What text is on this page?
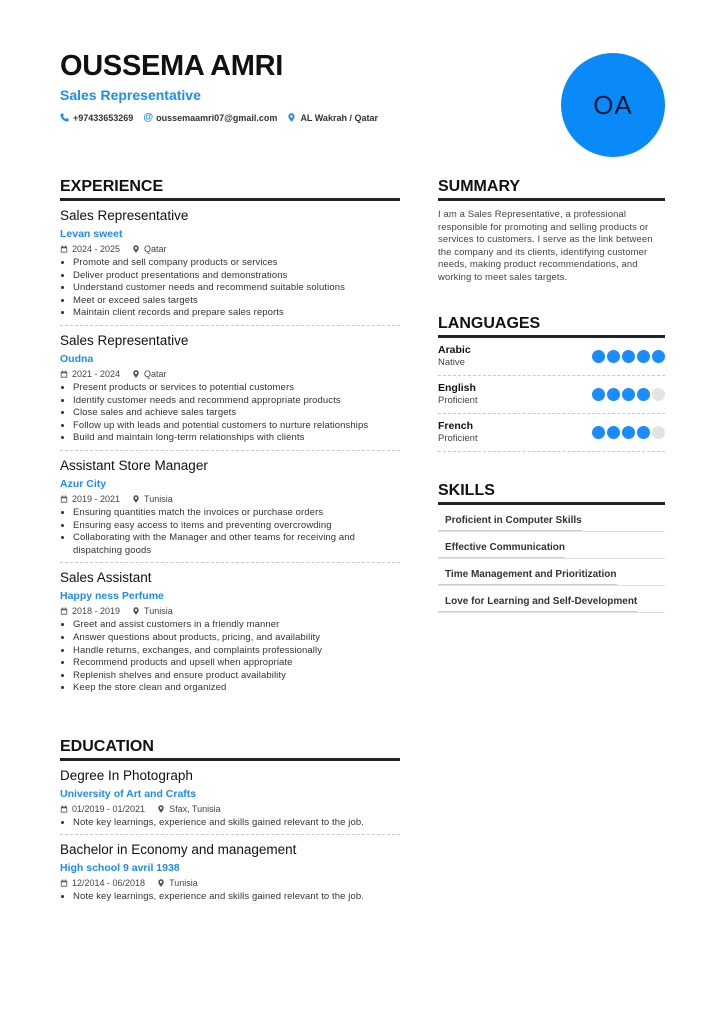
OUSSEMA AMRI
Sales Representative
+97433653269 @ oussemaamri07@gmail.com	AL Wakrah / Qatar	OA
EXPERIENCE
Sales Representative
Levan sweet
2024 - 2025	Qatar
• Promote and sell company products or services
• Deliver product presentations and demonstrations
• Understand customer needs and recommend suitable solutions
• Meet or exceed sales targets
• Maintain client records and prepare sales reports
Sales Representative
Oudna
2021 - 2024	Qatar
• Present products or services to potential customers
• Identify customer needs and recommend appropriate products
• Close sales and achieve sales targets
• Follow up with leads and potential customers to nurture relationships
• Build and maintain long-term relationships with clients
Assistant Store Manager
Azur City
2019 - 2021	Tunisia
• Ensuring quantities match the invoices or purchase orders
• Ensuring easy access to items and preventing overcrowding
• Collaborating with the Manager and other teams for receiving and dispatching goods
Sales Assistant
Happy ness Perfume
2018 - 2019	Tunisia
• Greet and assist customers in a friendly manner
• Answer questions about products, pricing, and availability
• Handle returns, exchanges, and complaints professionally
• Recommend products and upsell when appropriate
• Replenish shelves and ensure product availability
• Keep the store clean and organized
EDUCATION
Degree In Photograph
University of Art and Crafts
01/2019 - 01/2021	Sfax, Tunisia
• Note key learnings, experience and skills gained relevant to the job.
Bachelor in Economy and management
High school 9 avril 1938
12/2014 - 06/2018	Tunisia
• Note key learnings, experience and skills gained relevant to the job.
SUMMARY
I am a Sales Representative, a professional responsible for promoting and selling products or services to customers. I serve as the link between the company and its clients, identifying customer needs, making product recommendations, and working to meet sales targets.
LANGUAGES
Arabic
Native
English
Proficient
French
Proficient
SKILLS
Proficient in Computer Skills
Effective Communication
Time Management and Prioritization
Love for Learning and Self-Development
